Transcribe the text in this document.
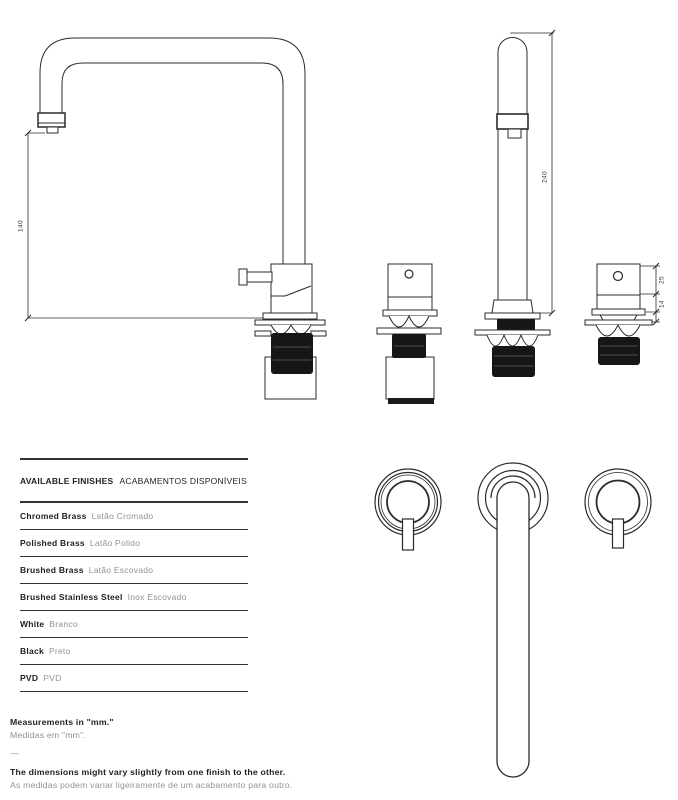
140
240
25
14
AVAILABLE FINISHES ACABAMENTOS DISPONÍVEIS
Chromed Brass Latão Cromado
Polished Brass Latão Polido
Brushed Brass Latão Escovado
Brushed Stainless Steel Inox Escovado
White Branco
Black Preto
PVD PVD

Measurements in "mm."

Medidas em "mm".

—

The dimensions might vary slightly from one finish to the other.

As medidas podem variar ligeiramente de um acabamento para outro.
